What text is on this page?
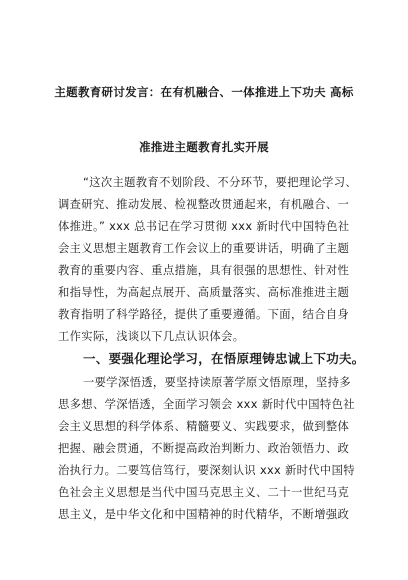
主题教育研讨发言：在有机融合、一体推进上下功夫 高标
准推进主题教育扎实开展
“这次主题教育不划阶段、不分环节，要把理论学习、
调查研究、推动发展、检视整改贯通起来，有机融合、一
体推进。” xxx 总书记在学习贯彻 xxx 新时代中国特色社
会主义思想主题教育工作会议上的重要讲话，明确了主题
教育的重要内容、重点措施，具有很强的思想性、针对性
和指导性，为高起点展开、高质量落实、高标准推进主题
教育指明了科学路径，提供了重要遵循。下面，结合自身
工作实际，浅谈以下几点认识体会。
一、要强化理论学习，在悟原理铸忠诚上下功夫。
一要学深悟透，要坚持读原著学原文悟原理，坚持多
思多想、学深悟透，全面学习领会 xxx 新时代中国特色社
会主义思想的科学体系、精髓要义、实践要求，做到整体
把握、融会贯通，不断提高政治判断力、政治领悟力、政
治执行力。二要笃信笃行，要深刻认识 xxx 新时代中国特
色社会主义思想是当代中国马克思主义、二十一世纪马克
思主义，是中华文化和中国精神的时代精华，不断增强政
